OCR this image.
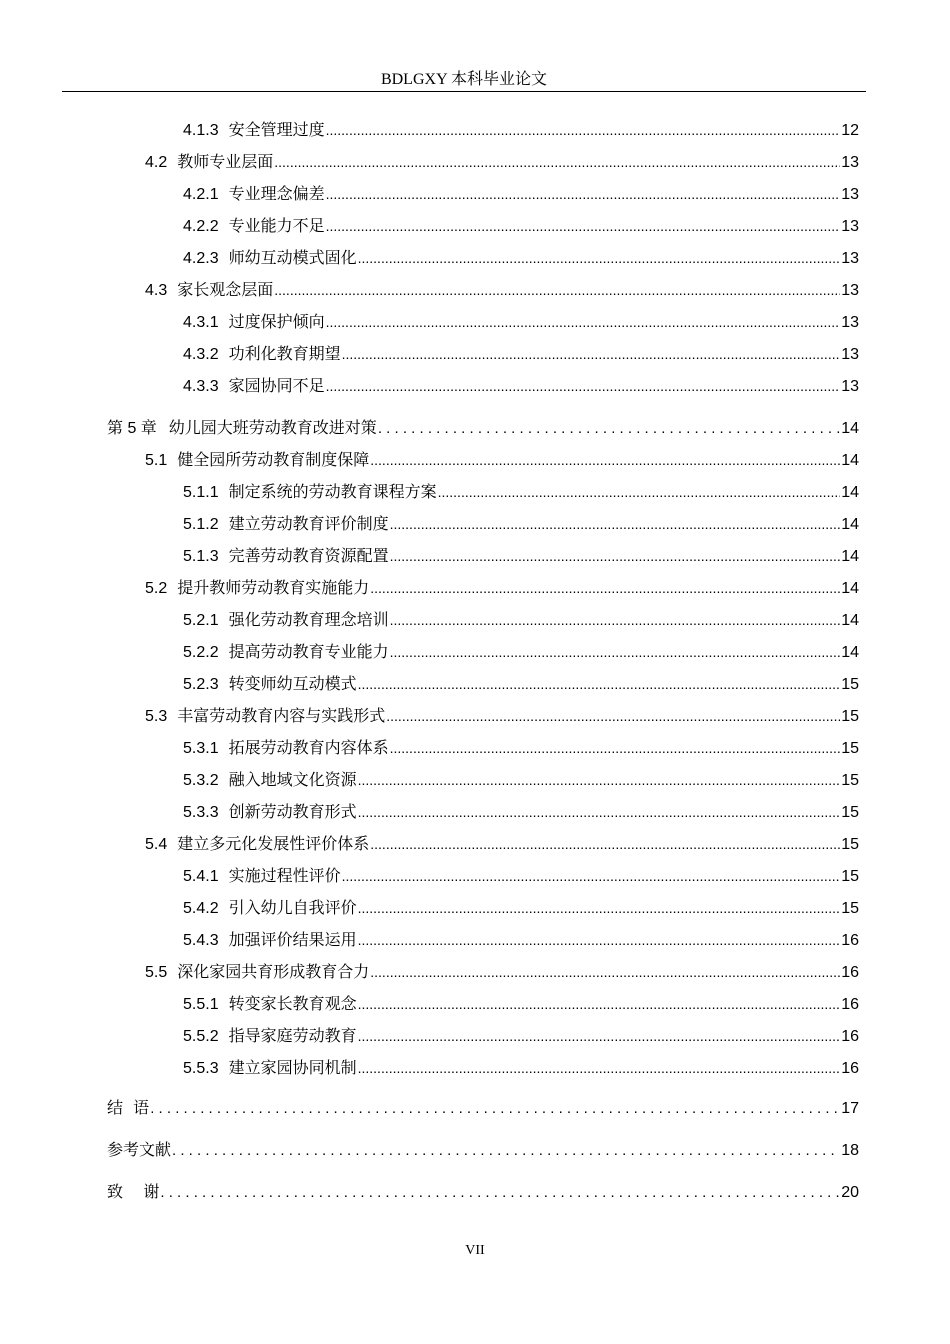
BDLGXY 本科毕业论文
4.1.3 安全管理过度 .....	12
4.2 教师专业层面 .....	13
4.2.1 专业理念偏差 .....	13
4.2.2 专业能力不足 .....	13
4.2.3 师幼互动模式固化 .....	13
4.3 家长观念层面 .....	13
4.3.1 过度保护倾向 .....	13
4.3.2 功利化教育期望 .....	13
4.3.3 家园协同不足 .....	13
第 5 章 幼儿园大班劳动教育改进对策 . . .	14
5.1 健全园所劳动教育制度保障 .....	14
5.1.1 制定系统的劳动教育课程方案 .....	14
5.1.2 建立劳动教育评价制度 .....	14
5.1.3 完善劳动教育资源配置 .....	14
5.2 提升教师劳动教育实施能力 .....	14
5.2.1 强化劳动教育理念培训 .....	14
5.2.2 提高劳动教育专业能力 .....	14
5.2.3 转变师幼互动模式 .....	15
5.3 丰富劳动教育内容与实践形式 .....	15
5.3.1 拓展劳动教育内容体系 .....	15
5.3.2 融入地域文化资源 .....	15
5.3.3 创新劳动教育形式 .....	15
5.4 建立多元化发展性评价体系 .....	15
5.4.1 实施过程性评价 .....	15
5.4.2 引入幼儿自我评价 .....	15
5.4.3 加强评价结果运用 .....	16
5.5 深化家园共育形成教育合力 .....	16
5.5.1 转变家长教育观念 .....	16
5.5.2 指导家庭劳动教育 .....	16
5.5.3 建立家园协同机制 .....	16
结  语 . . .	17
参考文献 . . .	18
致    谢 . . .	20
VII
